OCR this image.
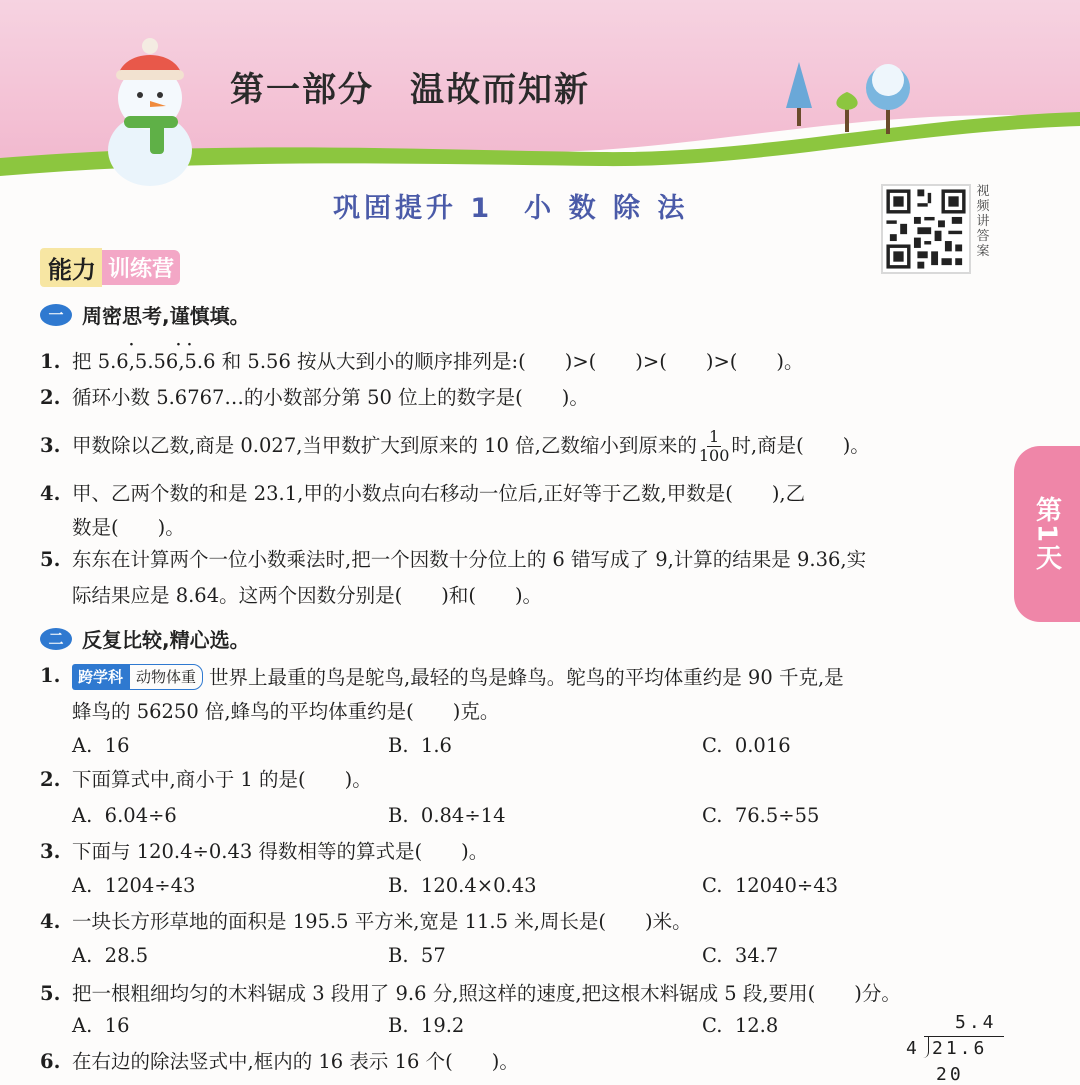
第一部分　温故而知新
巩固提升 1　小 数 除 法
视频讲答案
能力 训练营
第1天
一 周密思考,谨慎填。
·	· ·
1. 把 5.6,5.56,5.6 和 5.56 按从大到小的顺序排列是:(　　)>(　　)>(　　)>(　　)。
2. 循环小数 5.6767…的小数部分第 50 位上的数字是(　　)。
3. 甲数除以乙数,商是 0.027,当甲数扩大到原来的 10 倍,乙数缩小到原来的 $\frac{1}{100}$ 时,商是(　　)。
4. 甲、乙两个数的和是 23.1,甲的小数点向右移动一位后,正好等于乙数,甲数是(　　),乙
数是(　　)。
5. 东东在计算两个一位小数乘法时,把一个因数十分位上的 6 错写成了 9,计算的结果是 9.36,实
际结果应是 8.64。这两个因数分别是(　　)和(　　)。
二 反复比较,精心选。
1.	跨学科 动物体重 世界上最重的鸟是鸵鸟,最轻的鸟是蜂鸟。鸵鸟的平均体重约是 90 千克,是
蜂鸟的 56250 倍,蜂鸟的平均体重约是(　　)克。
A.  16	B.  1.6	C.  0.016
2. 下面算式中,商小于 1 的是(　　)。
A.  6.04÷6	B.  0.84÷14	C.  76.5÷55
3. 下面与 120.4÷0.43 得数相等的算式是(　　)。
A.  1204÷43	B.  120.4×0.43	C.  12040÷43
4. 一块长方形草地的面积是 195.5 平方米,宽是 11.5 米,周长是(　　)米。
A.  28.5	B.  57	C.  34.7
5. 把一根粗细均匀的木料锯成 3 段用了 9.6 分,照这样的速度,把这根木料锯成 5 段,要用(　　)分。
A.  16	B.  19.2	C.  12.8
6. 在右边的除法竖式中,框内的 16 表示 16 个(　　)。
5.4
4 21.6
20
